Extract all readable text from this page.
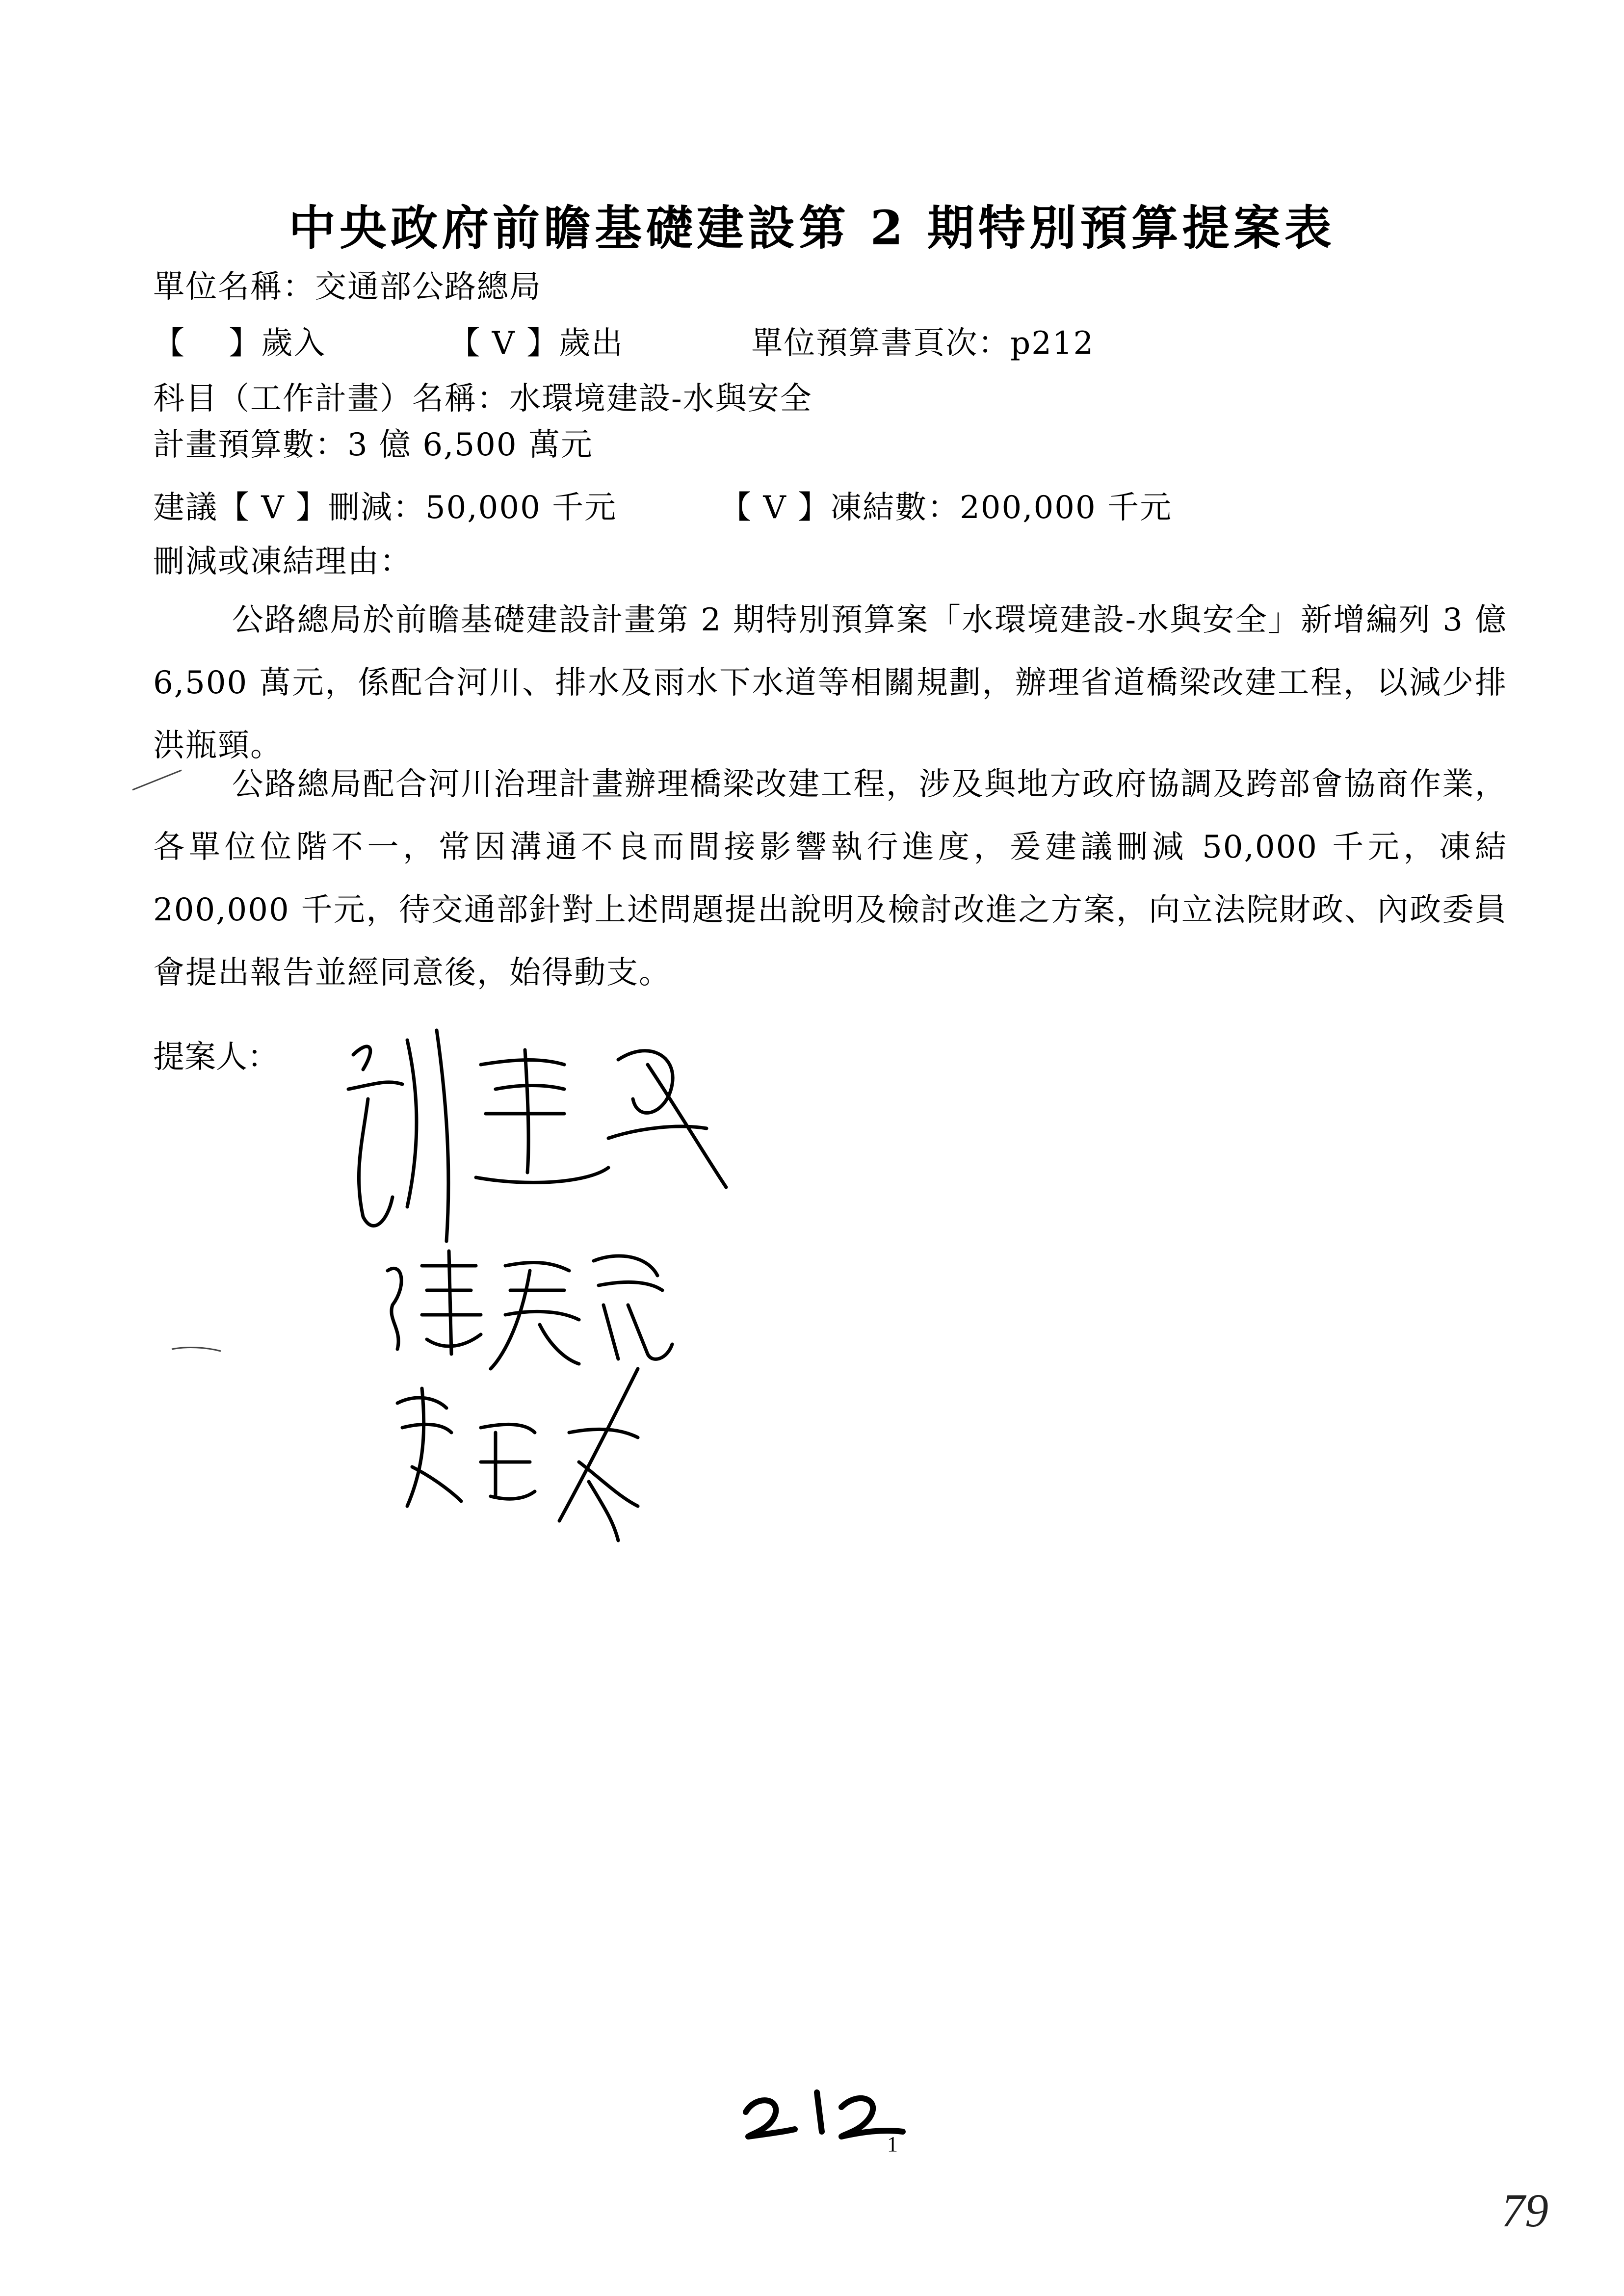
中央政府前瞻基礎建設第 2 期特別預算提案表
單位名稱：交通部公路總局
【　 】歲入	【 V 】歲出	單位預算書頁次：p212
科目（工作計畫）名稱：水環境建設-水與安全
計畫預算數：3 億 6,500 萬元
建議【 V 】刪減：50,000 千元	【 V 】凍結數：200,000 千元
刪減或凍結理由：
公路總局於前瞻基礎建設計畫第 2 期特別預算案「水環境建設-水與安全」新增編列 3 億 6,500 萬元，係配合河川、排水及雨水下水道等相關規劃，辦理省道橋梁改建工程，以減少排洪瓶頸。
公路總局配合河川治理計畫辦理橋梁改建工程，涉及與地方政府協調及跨部會協商作業，各單位位階不一，常因溝通不良而間接影響執行進度，爰建議刪減 50,000 千元，凍結 200,000 千元，待交通部針對上述問題提出說明及檢討改進之方案，向立法院財政、內政委員會提出報告並經同意後，始得動支。
提案人：
1
79
